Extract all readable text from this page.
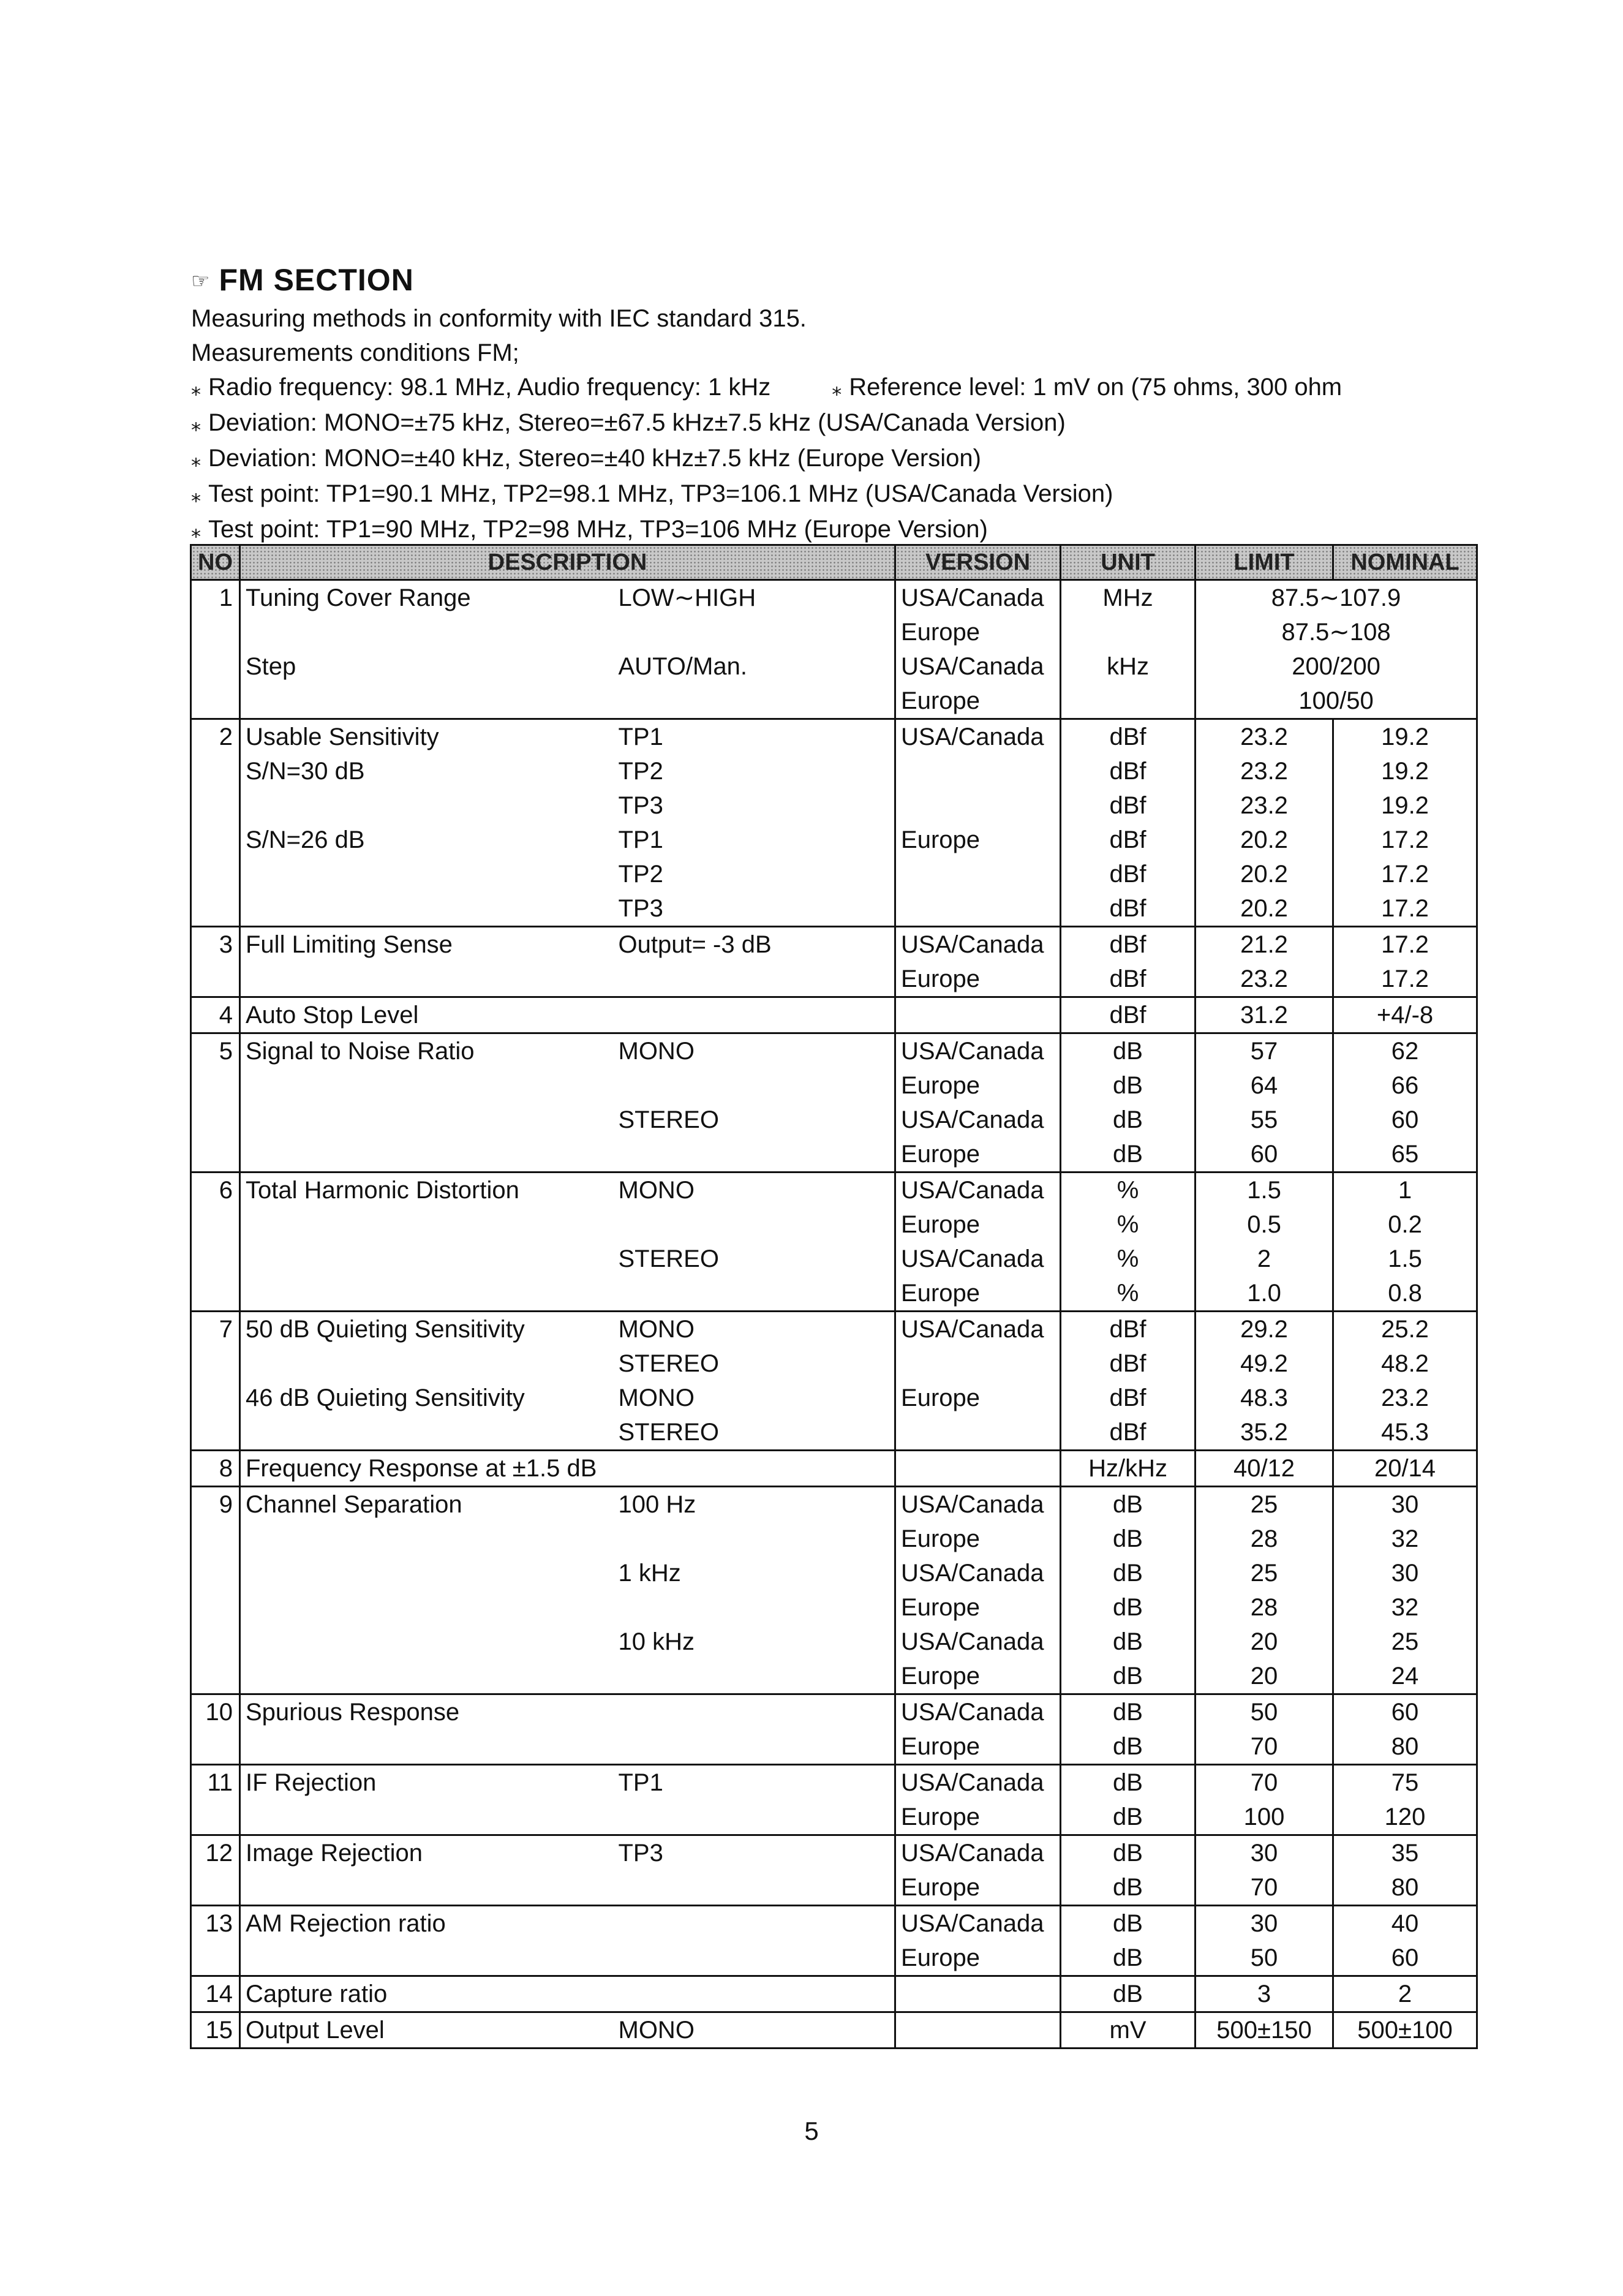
☞ FM SECTION
Measuring methods in conformity with IEC standard 315.
Measurements conditions FM;
⁎ Radio frequency: 98.1 MHz, Audio frequency: 1 kHz	⁎ Reference level: 1 mV on (75 ohms, 300 ohm
⁎ Deviation: MONO=±75 kHz, Stereo=±67.5 kHz±7.5 kHz (USA/Canada Version)
⁎ Deviation: MONO=±40 kHz, Stereo=±40 kHz±7.5 kHz (Europe Version)
⁎ Test point: TP1=90.1 MHz, TP2=98.1 MHz, TP3=106.1 MHz (USA/Canada Version)
⁎ Test point: TP1=90 MHz, TP2=98 MHz, TP3=106 MHz (Europe Version)
NO	DESCRIPTION		VERSION	UNIT	LIMIT	NOMINAL
1	Tuning Cover Range	LOW∼HIGH	USA/Canada	MHz	87.5∼107.9	
			Europe		87.5∼108	
	Step	AUTO/Man.	USA/Canada	kHz	200/200	
			Europe		100/50	
2	Usable Sensitivity	TP1	USA/Canada	dBf	23.2	19.2
	S/N=30 dB	TP2		dBf	23.2	19.2
		TP3		dBf	23.2	19.2
	S/N=26 dB	TP1	Europe	dBf	20.2	17.2
		TP2		dBf	20.2	17.2
		TP3		dBf	20.2	17.2
3	Full Limiting Sense	Output= -3 dB	USA/Canada	dBf	21.2	17.2
			Europe	dBf	23.2	17.2
4	Auto Stop Level			dBf	31.2	+4/-8
5	Signal to Noise Ratio	MONO	USA/Canada	dB	57	62
			Europe	dB	64	66
		STEREO	USA/Canada	dB	55	60
			Europe	dB	60	65
6	Total Harmonic Distortion	MONO	USA/Canada	%	1.5	1
			Europe	%	0.5	0.2
		STEREO	USA/Canada	%	2	1.5
			Europe	%	1.0	0.8
7	50 dB Quieting Sensitivity	MONO	USA/Canada	dBf	29.2	25.2
		STEREO		dBf	49.2	48.2
	46 dB Quieting Sensitivity	MONO	Europe	dBf	48.3	23.2
		STEREO		dBf	35.2	45.3
8	Frequency Response at ±1.5 dB			Hz/kHz	40/12	20/14
9	Channel Separation	100 Hz	USA/Canada	dB	25	30
			Europe	dB	28	32
		1 kHz	USA/Canada	dB	25	30
			Europe	dB	28	32
		10 kHz	USA/Canada	dB	20	25
			Europe	dB	20	24
10	Spurious Response		USA/Canada	dB	50	60
			Europe	dB	70	80
11	IF Rejection	TP1	USA/Canada	dB	70	75
			Europe	dB	100	120
12	Image Rejection	TP3	USA/Canada	dB	30	35
			Europe	dB	70	80
13	AM Rejection ratio		USA/Canada	dB	30	40
			Europe	dB	50	60
14	Capture ratio			dB	3	2
15	Output Level	MONO		mV	500±150	500±100
5
